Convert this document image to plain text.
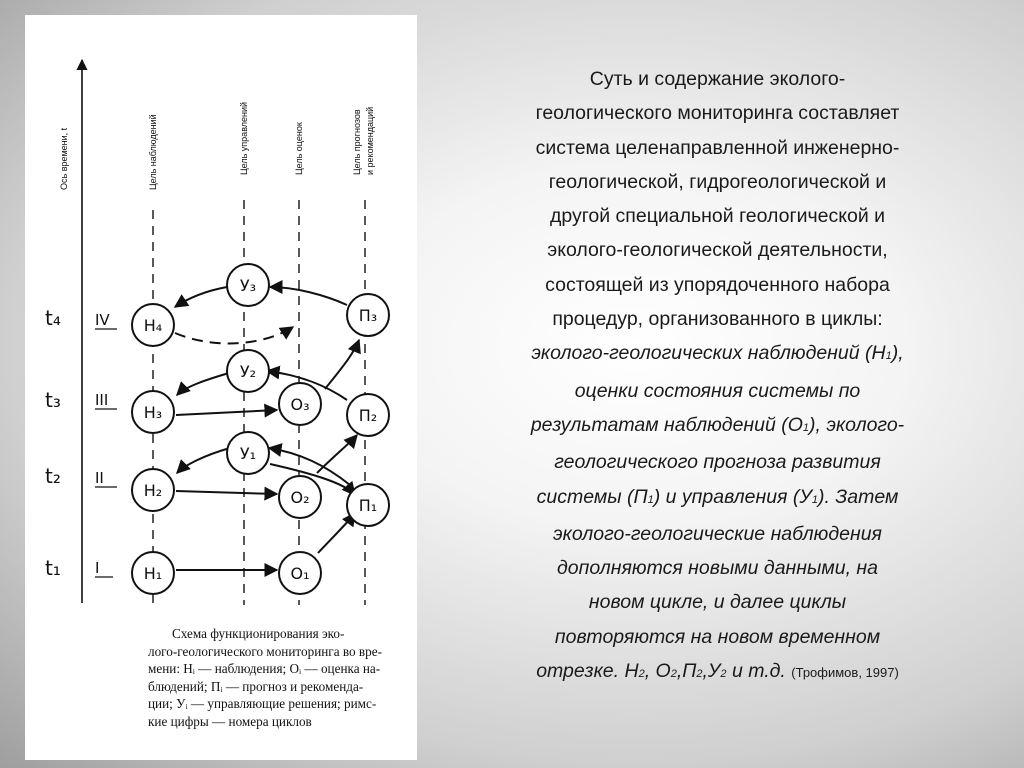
Ось времени, t	Цель наблюдений	Цель управлений	Цель оценок	Цель прогнозов и рекомендаций
t₄
t₃
t₂
t₁
IV
III
II
I	Н₁	О₁
Н₂	О₂	П₁
У₁
Н₃	О₃
П₂
У₂
Н₄
У₃
П₃
Схема функционирования эко-
лого-геологического мониторинга во вре-
мени: Нᵢ — наблюдения; Оᵢ — оценка на-
блюдений; Пᵢ — прогноз и рекоменда-
ции; Уᵢ — управляющие решения; римс-
кие цифры — номера циклов
Суть и содержание эколого-
геологического мониторинга составляет
система целенаправленной инженерно-
геологической, гидрогеологической и
другой специальной геологической и
эколого-геологической деятельности,
состоящей из упорядоченного набора
процедур, организованного в циклы:
эколого-геологических наблюдений (Н1),
оценки состояния системы по
результатам наблюдений (О1), эколого-
геологического прогноза развития
системы (П1) и управления (У1). Затем
эколого-геологические наблюдения
дополняются новыми данными, на
новом цикле, и далее циклы
повторяются на новом временном
отрезке. Н2, О2,П2,У2 и т.д. (Трофимов, 1997)
